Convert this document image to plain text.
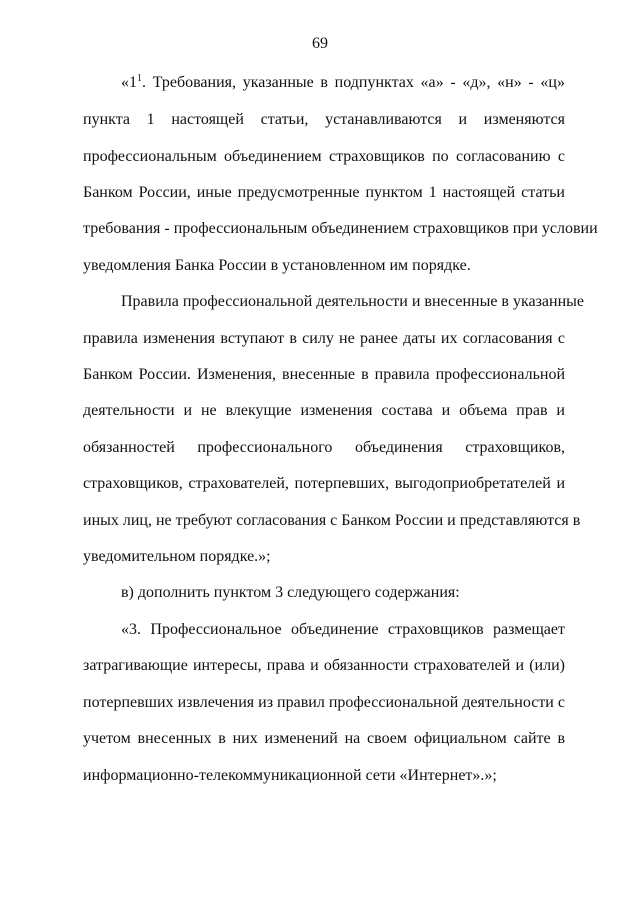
69
«$1^1$. Требования, указанные в подпунктах «а» - «д», «н» - «ц»
пункта 1 настоящей статьи, устанавливаются и изменяются
профессиональным объединением страховщиков по согласованию с
Банком России, иные предусмотренные пунктом 1 настоящей статьи
требования - профессиональным объединением страховщиков при условии
уведомления Банка России в установленном им порядке.
Правила профессиональной деятельности и внесенные в указанные
правила изменения вступают в силу не ранее даты их согласования с
Банком России. Изменения, внесенные в правила профессиональной
деятельности и не влекущие изменения состава и объема прав и
обязанностей профессионального объединения страховщиков,
страховщиков, страхователей, потерпевших, выгодоприобретателей и
иных лиц, не требуют согласования с Банком России и представляются в
уведомительном порядке.»;
в) дополнить пунктом 3 следующего содержания:
«3. Профессиональное объединение страховщиков размещает
затрагивающие интересы, права и обязанности страхователей и (или)
потерпевших извлечения из правил профессиональной деятельности с
учетом внесенных в них изменений на своем официальном сайте в
информационно-телекоммуникационной сети «Интернет».»;
